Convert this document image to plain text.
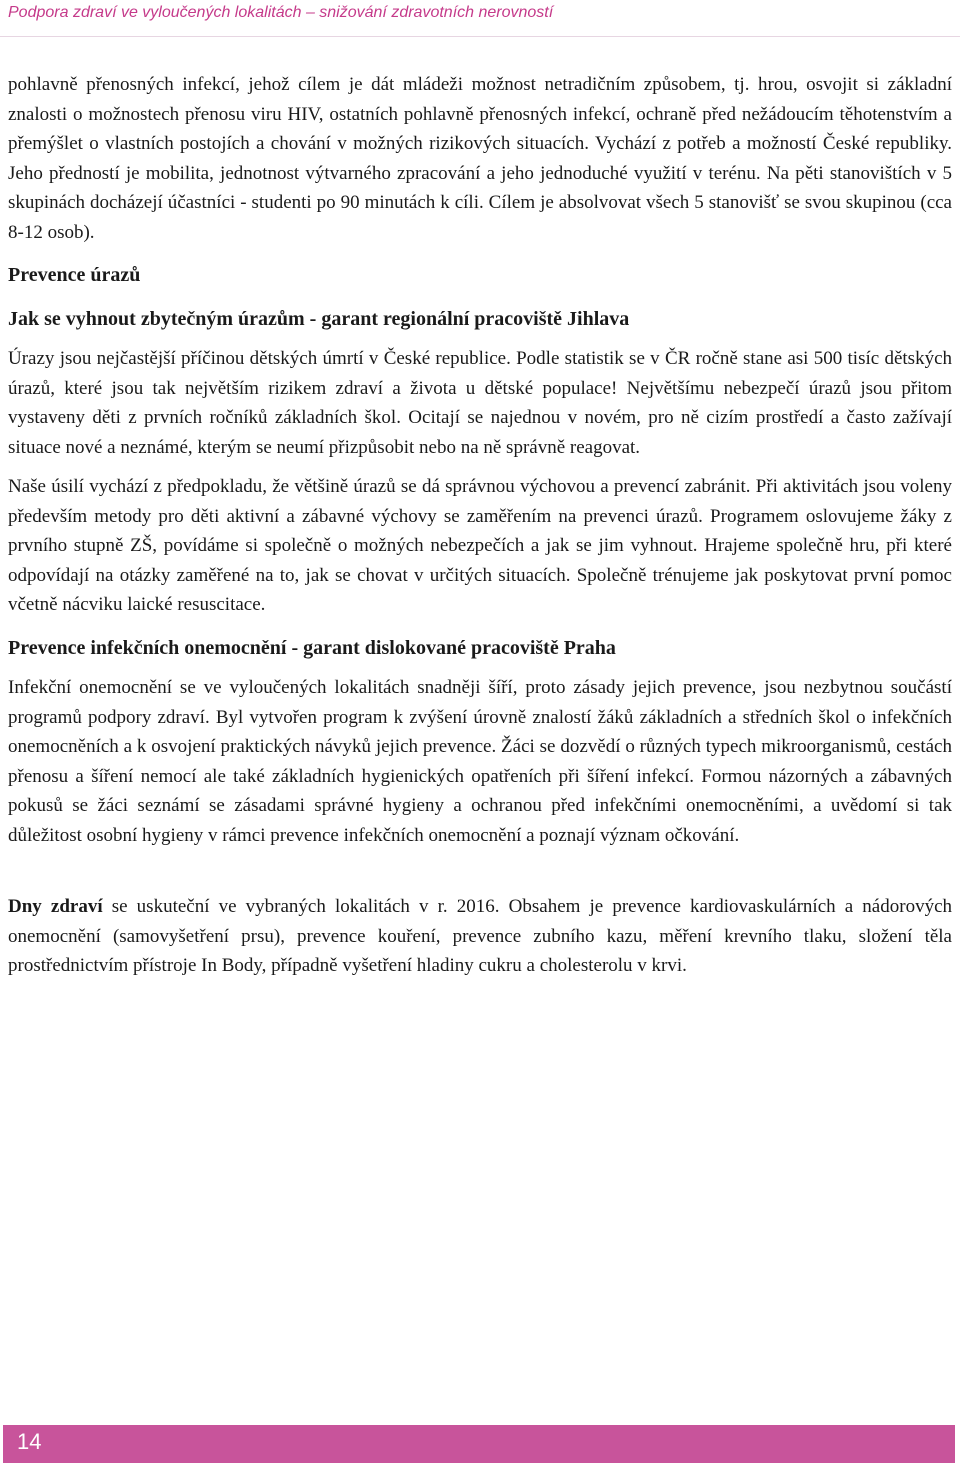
Podpora zdraví ve vyloučených lokalitách – snižování zdravotních nerovností

pohlavně přenosných infekcí, jehož cílem je dát mládeži možnost netradičním způsobem, tj. hrou, osvojit si základní znalosti o možnostech přenosu viru HIV, ostatních pohlavně přenosných infekcí, ochraně před nežádoucím těhotenstvím a přemýšlet o vlastních postojích a chování v možných rizikových situacích. Vychází z potřeb a možností České republiky. Jeho předností je mobilita, jednotnost výtvarného zpracování a jeho jednoduché využití v terénu. Na pěti stanovištích v 5 skupinách docházejí účastníci - studenti po 90 minutách k cíli. Cílem je absolvovat všech 5 stanovišť se svou skupinou (cca 8-12 osob).

Prevence úrazů

Jak se vyhnout zbytečným úrazům - garant regionální pracoviště Jihlava

Úrazy jsou nejčastější příčinou dětských úmrtí v České republice. Podle statistik se v ČR ročně stane asi 500 tisíc dětských úrazů, které jsou tak největším rizikem zdraví a života u dětské populace! Největšímu nebezpečí úrazů jsou přitom vystaveny děti z prvních ročníků základních škol. Ocitají se najednou v novém, pro ně cizím prostředí a často zažívají situace nové a neznámé, kterým se neumí přizpůsobit nebo na ně správně reagovat.

Naše úsilí vychází z předpokladu, že většině úrazů se dá správnou výchovou a prevencí zabránit. Při aktivitách jsou voleny především metody pro děti aktivní a zábavné výchovy se zaměřením na prevenci úrazů. Programem oslovujeme žáky z prvního stupně ZŠ, povídáme si společně o možných nebezpečích a jak se jim vyhnout. Hrajeme společně hru, při které odpovídají na otázky zaměřené na to, jak se chovat v určitých situacích. Společně trénujeme jak poskytovat první pomoc včetně nácviku laické resuscitace.

Prevence infekčních onemocnění - garant dislokované pracoviště Praha

Infekční onemocnění se ve vyloučených lokalitách snadněji šíří, proto zásady jejich prevence, jsou nezbytnou součástí programů podpory zdraví. Byl vytvořen program k zvýšení úrovně znalostí žáků základních a středních škol o infekčních onemocněních a k osvojení praktických návyků jejich prevence. Žáci se dozvědí o různých typech mikroorganismů, cestách přenosu a šíření nemocí ale také základních hygienických opatřeních při šíření infekcí. Formou názorných a zábavných pokusů se žáci seznámí se zásadami správné hygieny a ochranou před infekčními onemocněními, a uvědomí si tak důležitost osobní hygieny v rámci prevence infekčních onemocnění a poznají význam očkování.

Dny zdraví se uskuteční ve vybraných lokalitách v r. 2016. Obsahem je prevence kardiovaskulárních a nádorových onemocnění (samovyšetření prsu), prevence kouření, prevence zubního kazu, měření krevního tlaku, složení těla prostřednictvím přístroje In Body, případně vyšetření hladiny cukru a cholesterolu v krvi.

14
